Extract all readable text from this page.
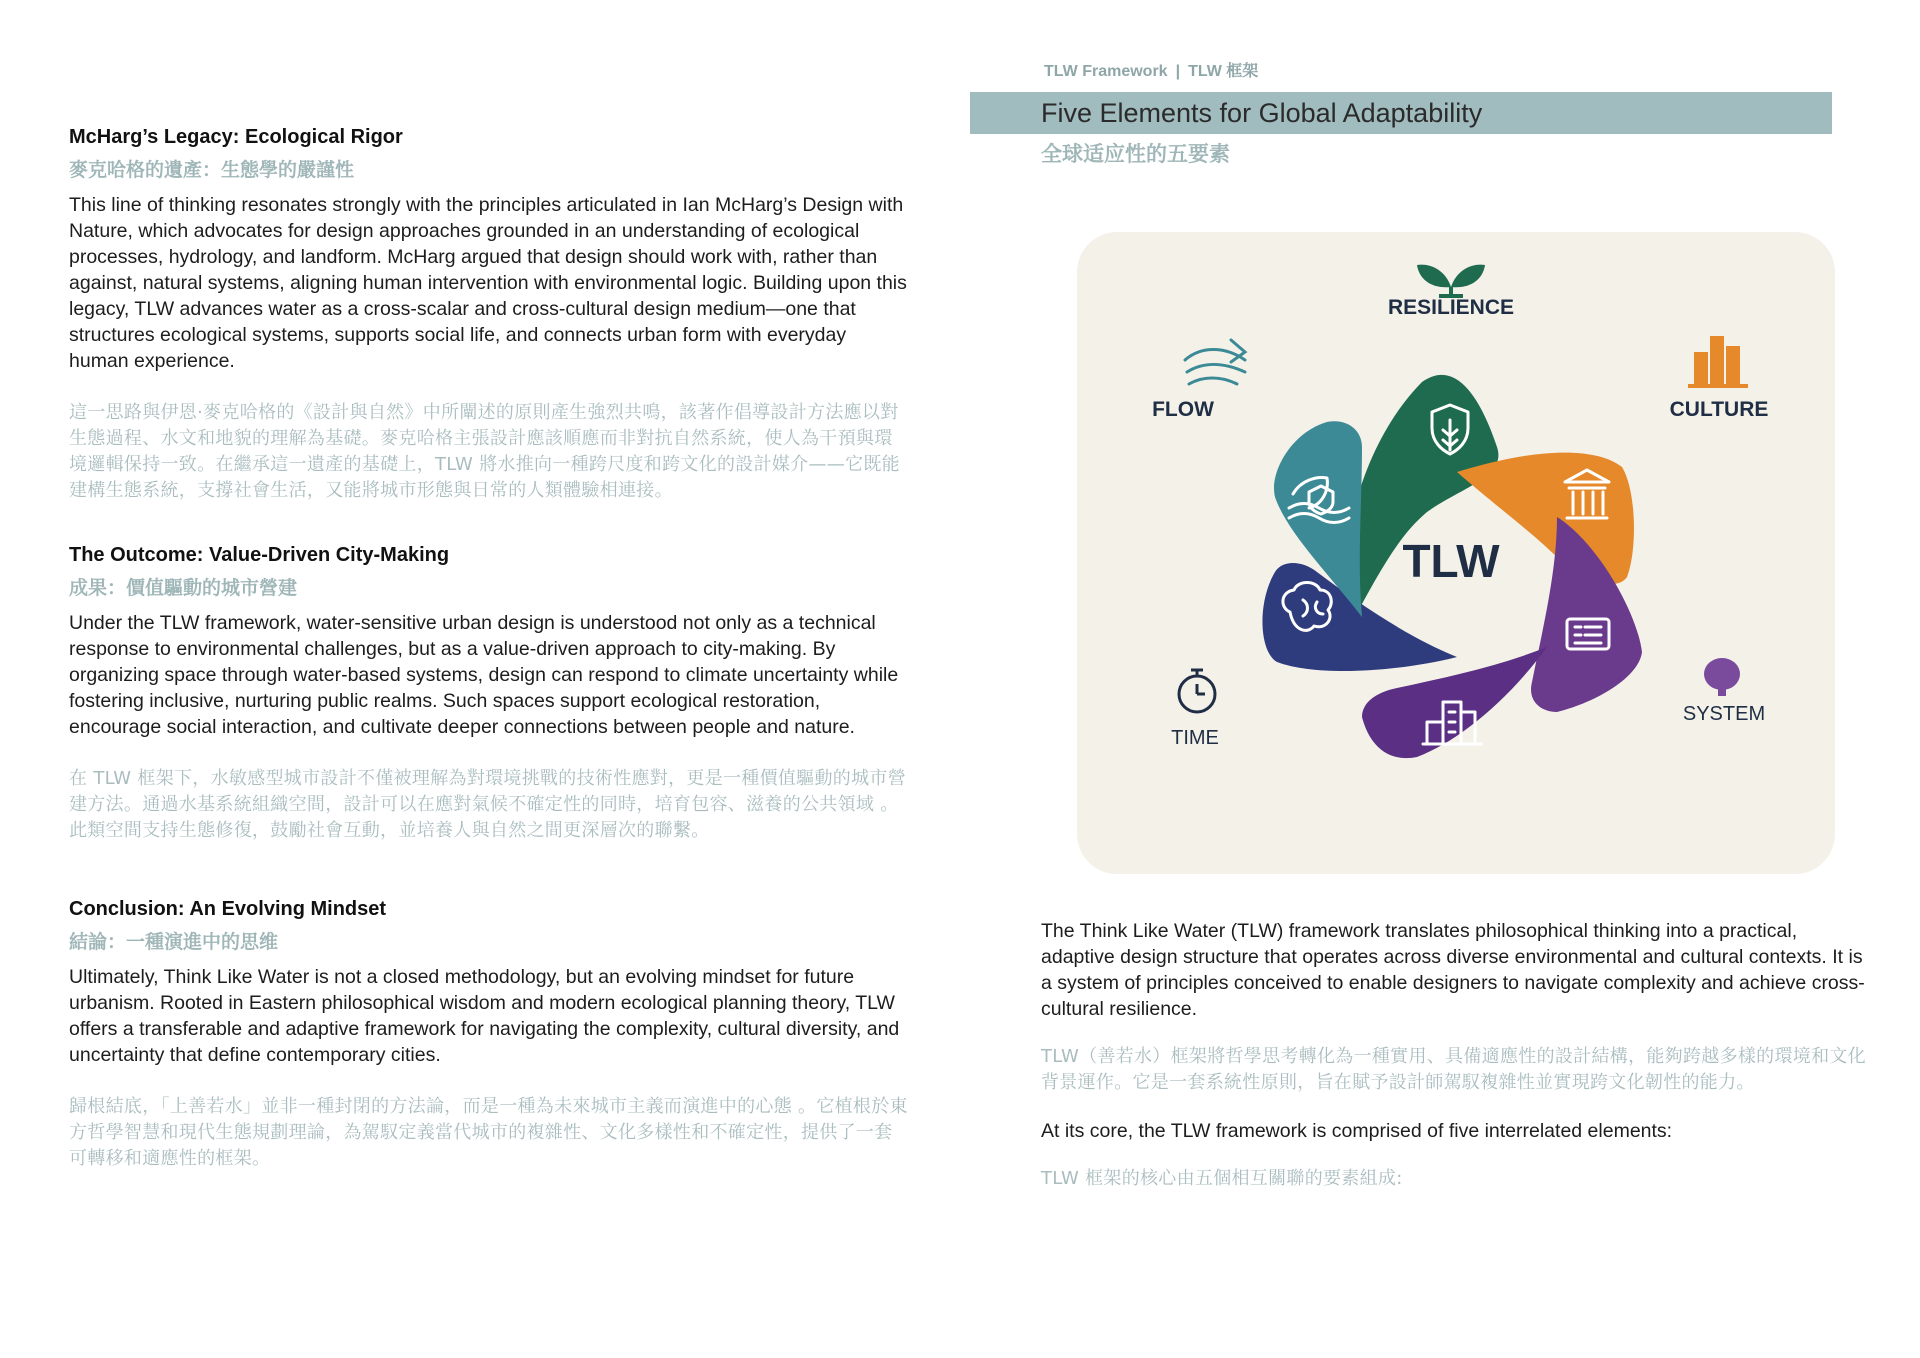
McHarg’s Legacy: Ecological Rigor

麥克哈格的遺產：生態學的嚴謹性

This line of thinking resonates strongly with the principles articulated in Ian McHarg’s Design with Nature, which advocates for design approaches grounded in an understanding of ecological processes, hydrology, and landform. McHarg argued that design should work with, rather than against, natural systems, aligning human intervention with environmental logic. Building upon this legacy, TLW advances water as a cross-scalar and cross-cultural design medium—one that structures ecological systems, supports social life, and connects urban form with everyday human experience.

這一思路與伊恩·麥克哈格的《設計與自然》中所闡述的原則產生強烈共鳴，該著作倡導設計方法應以對生態過程、水文和地貌的理解為基礎。麥克哈格主張設計應該順應而非對抗自然系統，使人為干預與環境邏輯保持一致。在繼承這一遺產的基礎上，TLW 將水推向一種跨尺度和跨文化的設計媒介——它既能建構生態系統，支撐社會生活，又能將城市形態與日常的人類體驗相連接。

The Outcome: Value-Driven City-Making

成果：價值驅動的城市營建

Under the TLW framework, water-sensitive urban design is understood not only as a technical response to environmental challenges, but as a value-driven approach to city-making. By organizing space through water-based systems, design can respond to climate uncertainty while fostering inclusive, nurturing public realms. Such spaces support ecological restoration, encourage social interaction, and cultivate deeper connections between people and nature.

在 TLW 框架下，水敏感型城市設計不僅被理解為對環境挑戰的技術性應對，更是一種價值驅動的城市營建方法。通過水基系統組織空間，設計可以在應對氣候不確定性的同時，培育包容、滋養的公共領域 。此類空間支持生態修復，鼓勵社會互動，並培養人與自然之間更深層次的聯繫。

Conclusion: An Evolving Mindset

結論：一種演進中的思维

Ultimately, Think Like Water is not a closed methodology, but an evolving mindset for future urbanism. Rooted in Eastern philosophical wisdom and modern ecological planning theory, TLW offers a transferable and adaptive framework for navigating the complexity, cultural diversity, and uncertainty that define contemporary cities.

歸根結底，「上善若水」並非一種封閉的方法論，而是一種為未來城市主義而演進中的心態 。它植根於東方哲學智慧和現代生態規劃理論，為駕馭定義當代城市的複雜性、文化多樣性和不確定性，提供了一套可轉移和適應性的框架。

TLW Framework | TLW 框架
Five Elements for Global Adaptability
全球适应性的五要素
TLW
RESILIENCE
FLOW	CULTURE
TIME
SYSTEM

The Think Like Water (TLW) framework translates philosophical thinking into a practical, adaptive design structure that operates across diverse environmental and cultural contexts. It is a system of principles conceived to enable designers to navigate complexity and achieve cross-cultural resilience.

TLW（善若水）框架將哲學思考轉化為一種實用、具備適應性的設計結構，能夠跨越多樣的環境和文化背景運作。它是一套系統性原則，旨在賦予設計師駕馭複雜性並實現跨文化韌性的能力。

At its core, the TLW framework is comprised of five interrelated elements:

TLW 框架的核心由五個相互關聯的要素組成:
